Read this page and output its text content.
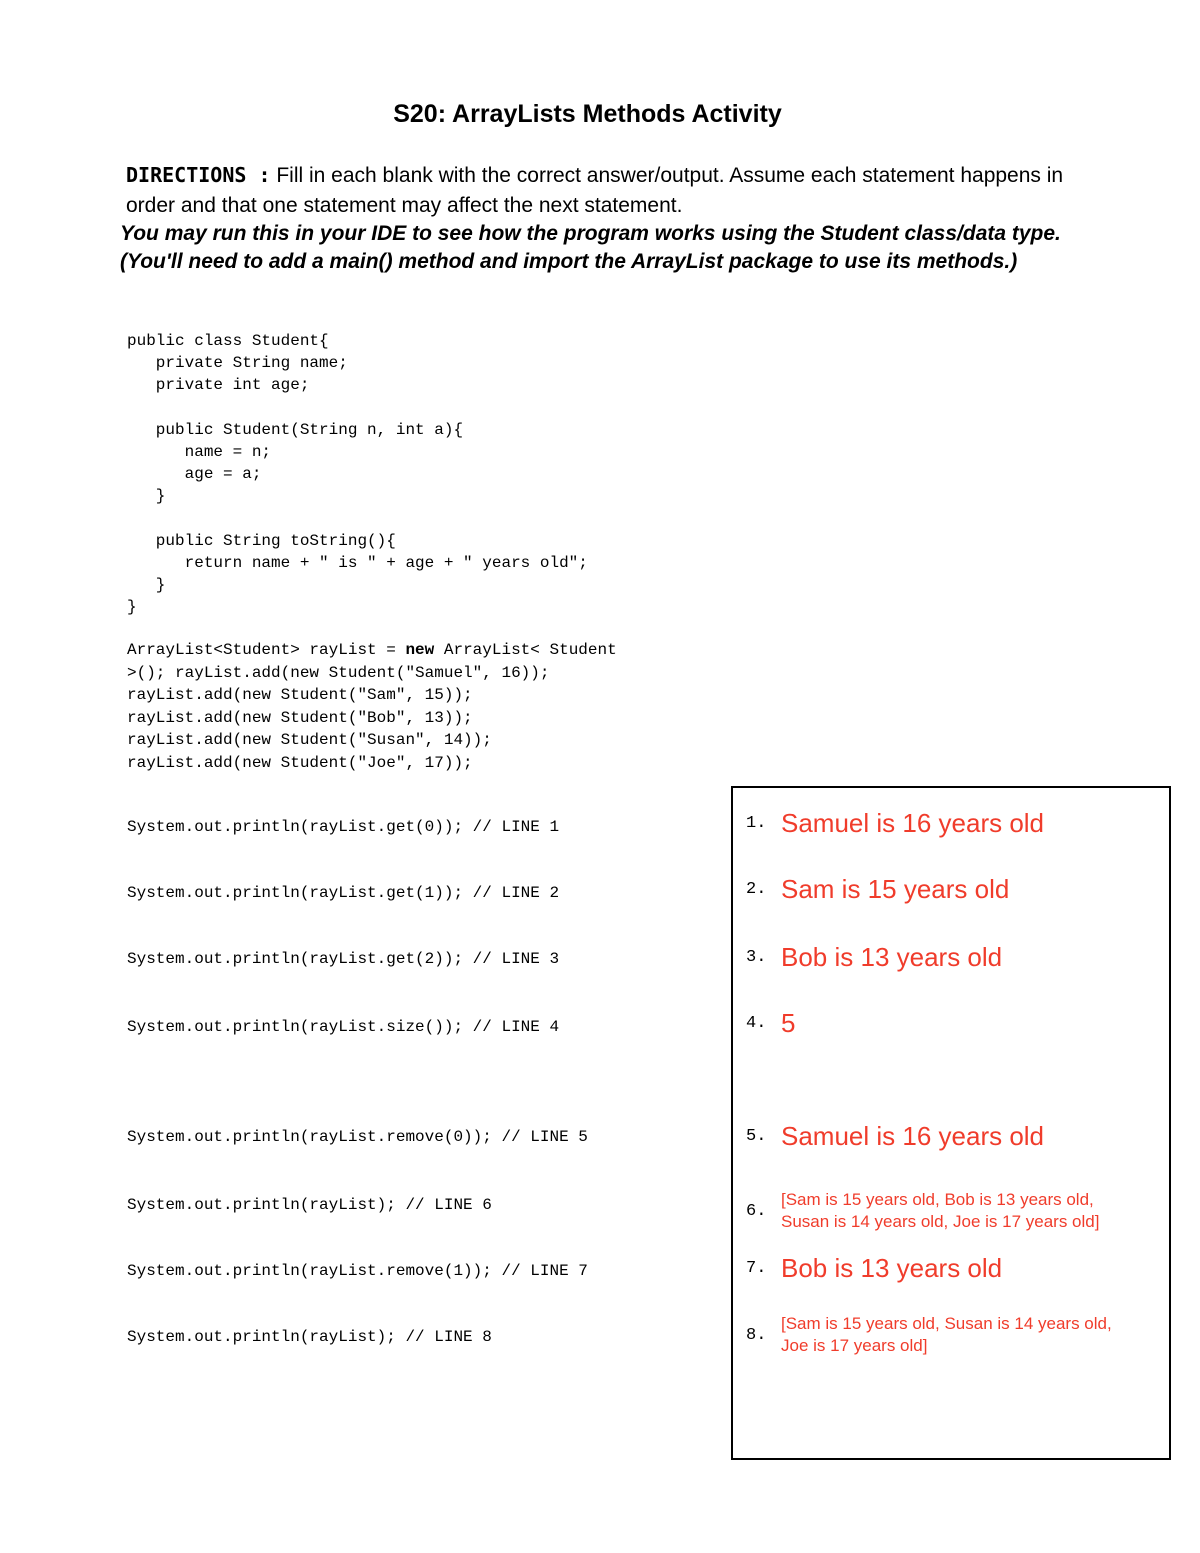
S20: ArrayLists Methods Activity
DIRECTIONS : Fill in each blank with the correct answer/output. Assume each statement happens in order and that one statement may affect the next statement.
You may run this in your IDE to see how the program works using the Student class/data type. (You'll need to add a main() method and import the ArrayList package to use its methods.)
public class Student{
private String name;
private int age;

public Student(String n, int a){
name = n;
age = a;
}

public String toString(){
return name + " is " + age + " years old";
}
}
ArrayList<Student> rayList = new ArrayList< Student
>(); rayList.add(new Student("Samuel", 16));
rayList.add(new Student("Sam", 15));
rayList.add(new Student("Bob", 13));
rayList.add(new Student("Susan", 14));
rayList.add(new Student("Joe", 17));
System.out.println(rayList.get(0)); // LINE 1
System.out.println(rayList.get(1)); // LINE 2
System.out.println(rayList.get(2)); // LINE 3
System.out.println(rayList.size()); // LINE 4
System.out.println(rayList.remove(0)); // LINE 5
System.out.println(rayList); // LINE 6
System.out.println(rayList.remove(1)); // LINE 7
System.out.println(rayList); // LINE 8
1. Samuel is 16 years old
2. Sam is 15 years old
3. Bob is 13 years old
4. 5
5. Samuel is 16 years old
6.
[Sam is 15 years old, Bob is 13 years old, Susan is 14 years old, Joe is 17 years old]
7. Bob is 13 years old
8.
[Sam is 15 years old, Susan is 14 years old, Joe is 17 years old]
